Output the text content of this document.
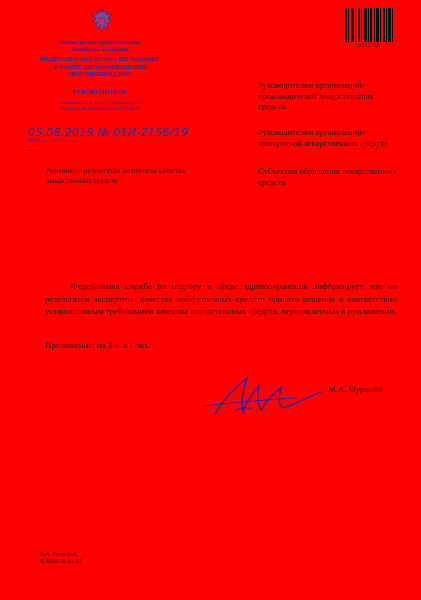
Министерство здравоохранения
Российской Федерации
ФЕДЕРАЛЬНАЯ СЛУЖБА ПО НАДЗОРУ
В СФЕРЕ ЗДРАВООХРАНЕНИЯ
(РОСЗДРАВНАДЗОР)
РУКОВОДИТЕЛЬ
Славянская пл., д. 4, стр. 1, Москва, 109074
Телефон: (495) 698 45 38; (499) 578 02 30
05.08.2019 № 01И-2156/19
на № _____ от _________
Решение по результатам экспертизы качества лекарственных средств
3317795
Руководителям организаций-производителей лекарственных средств
Руководителям организаций-импортеров лекарственных средств
Субъектам обращения лекарственных средств
Федеральная служба по надзору в сфере здравоохранения информирует, что по результатам экспертизы качества лекарственных средств принято решение о соответствии установленным требованиям качества лекарственных средств, перечисленных в приложении.
Приложение: на 3 л. в 1 экз.
М.А. Мурашко
С.А. Тарасова
8(499)578-01-27
